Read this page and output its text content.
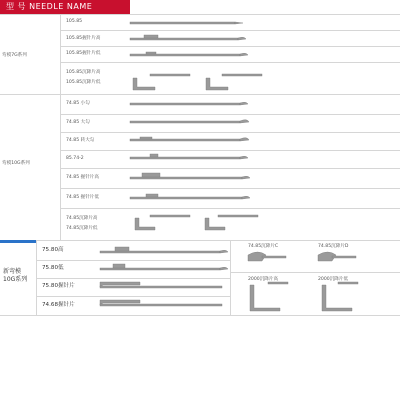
型 号 NEEDLE NAME
弯模7G系列
弯模10G系列
新弯模
10G系列
105.85
105.85握针片高
105.85握针片低
105.85沉降片高
105.85沉降片低
74.85 小勾
74.85 大勾
74.85 转大勾
85.74-2
74.85 握针片高
74.85 握针片低
74.85沉降片高
74.85沉降片低
75.80高
75.80低
75.80握针片
74.68握针片
74.85沉降片C	74.85沉降片D
2000沉降片高	2000沉降片低
